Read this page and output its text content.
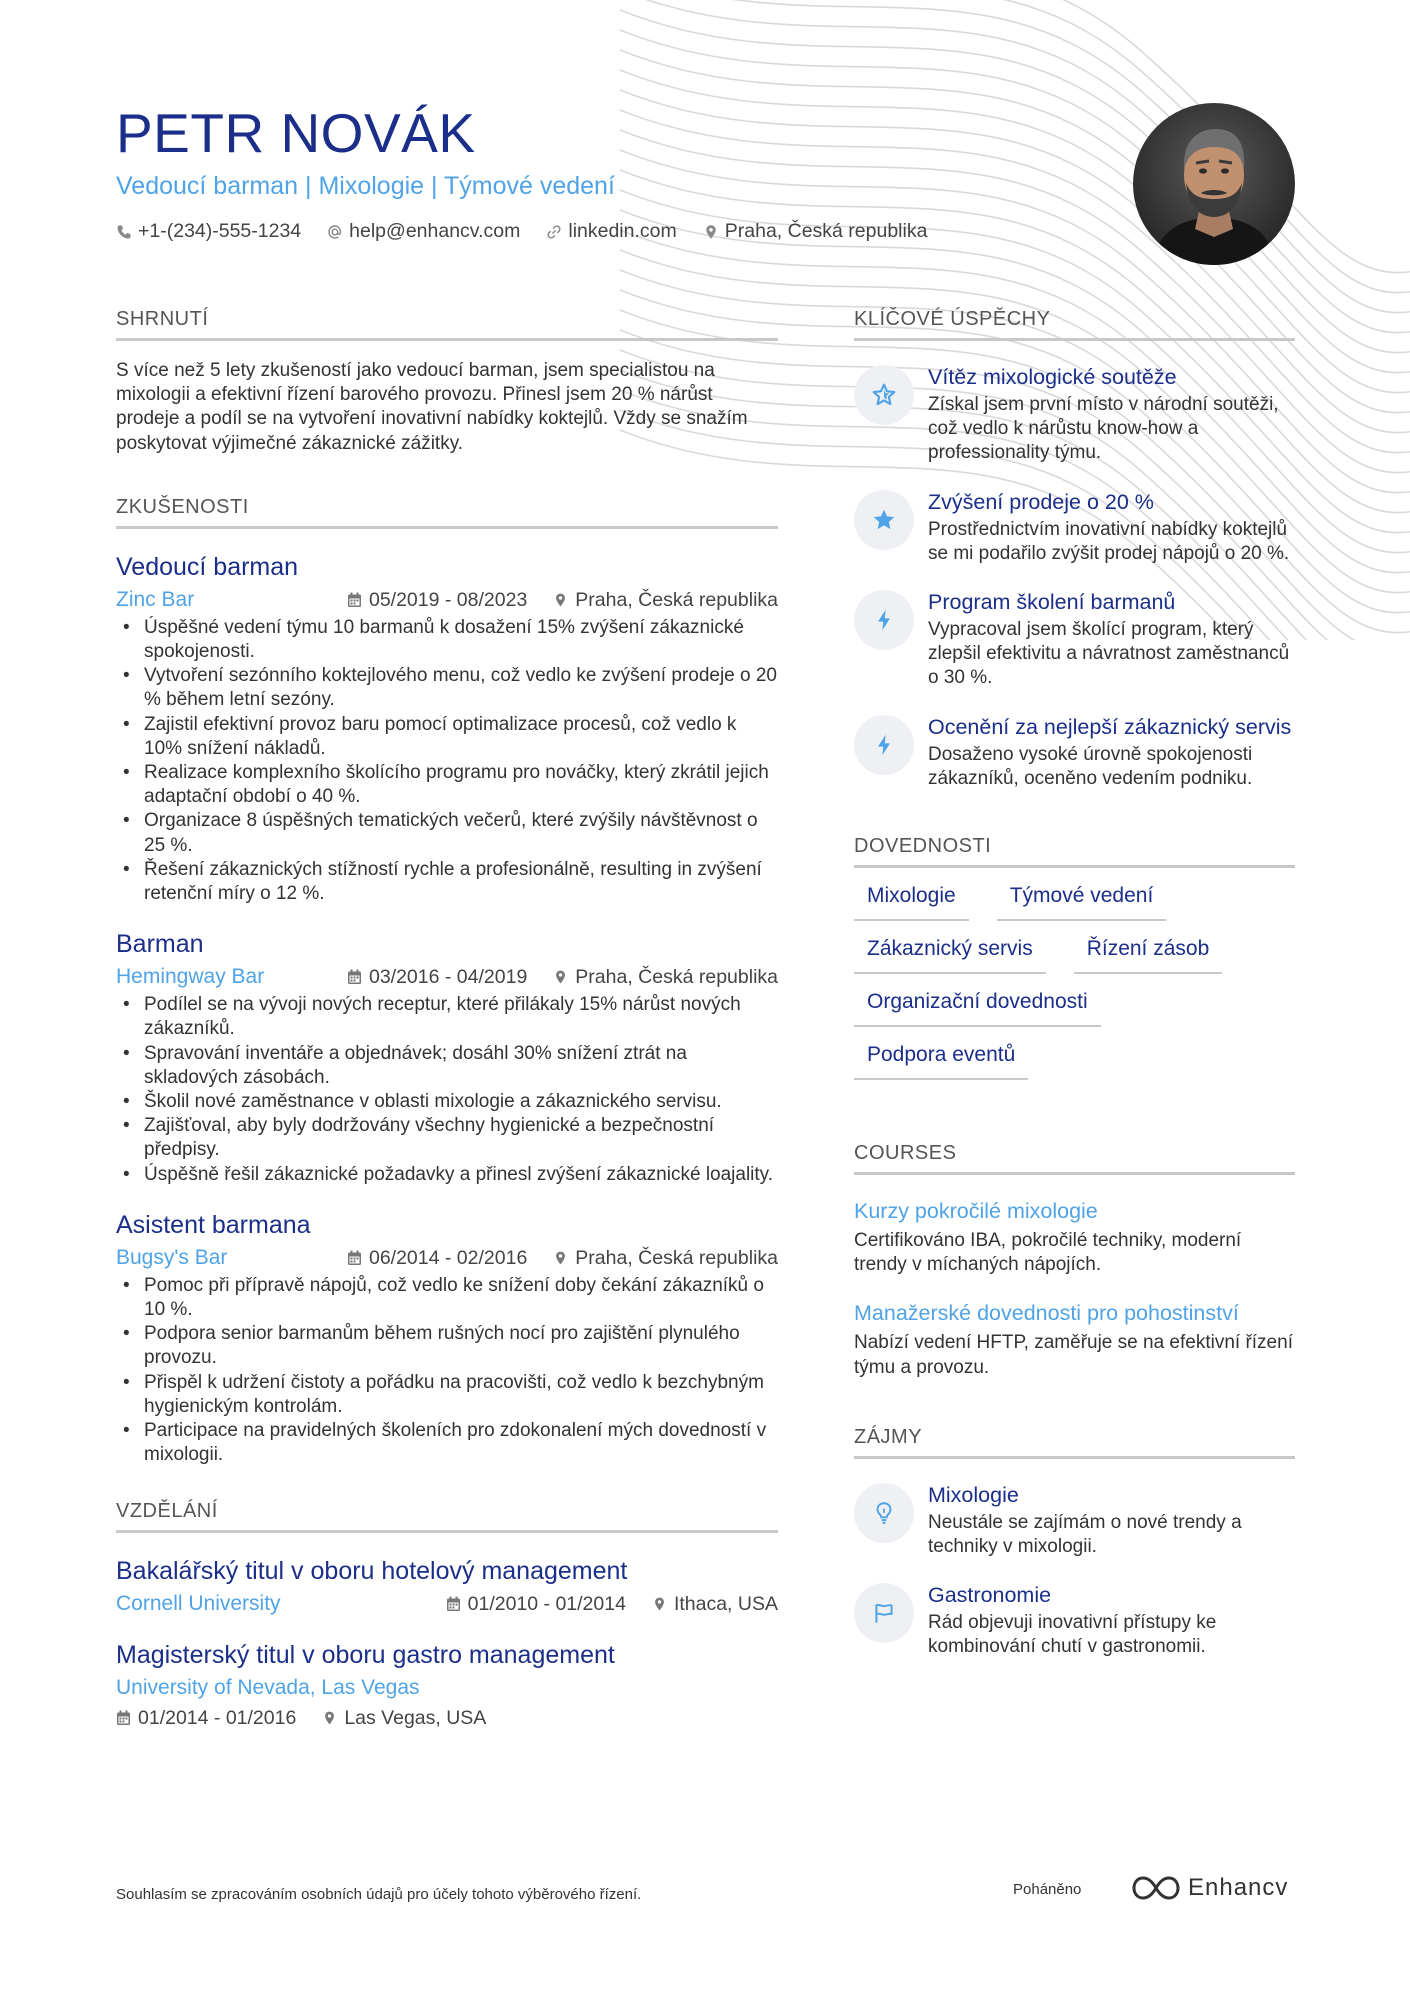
PETR NOVÁK
Vedoucí barman | Mixologie | Týmové vedení
+1-(234)-555-1234 help@enhancv.com linkedin.com Praha, Česká republika
SHRNUTÍ
S více než 5 lety zkušeností jako vedoucí barman, jsem specialistou na mixologii a efektivní řízení barového provozu. Přinesl jsem 20 % nárůst prodeje a podíl se na vytvoření inovativní nabídky koktejlů. Vždy se snažím poskytovat výjimečné zákaznické zážitky.
ZKUŠENOSTI
Vedoucí barman
Zinc Bar	05/2019 - 08/2023 Praha, Česká republika
• Úspěšné vedení týmu 10 barmanů k dosažení 15% zvýšení zákaznické spokojenosti.
• Vytvoření sezónního koktejlového menu, což vedlo ke zvýšení prodeje o 20 % během letní sezóny.
• Zajistil efektivní provoz baru pomocí optimalizace procesů, což vedlo k 10% snížení nákladů.
• Realizace komplexního školícího programu pro nováčky, který zkrátil jejich adaptační období o 40 %.
• Organizace 8 úspěšných tematických večerů, které zvýšily návštěvnost o 25 %.
• Řešení zákaznických stížností rychle a profesionálně, resulting in zvýšení retenční míry o 12 %.
Barman
Hemingway Bar	03/2016 - 04/2019 Praha, Česká republika
• Podílel se na vývoji nových receptur, které přilákaly 15% nárůst nových zákazníků.
• Spravování inventáře a objednávek; dosáhl 30% snížení ztrát na skladových zásobách.
• Školil nové zaměstnance v oblasti mixologie a zákaznického servisu.
• Zajišťoval, aby byly dodržovány všechny hygienické a bezpečnostní předpisy.
• Úspěšně řešil zákaznické požadavky a přinesl zvýšení zákaznické loajality.
Asistent barmana
Bugsy's Bar	06/2014 - 02/2016 Praha, Česká republika
• Pomoc při přípravě nápojů, což vedlo ke snížení doby čekání zákazníků o 10 %.
• Podpora senior barmanům během rušných nocí pro zajištění plynulého provozu.
• Přispěl k udržení čistoty a pořádku na pracovišti, což vedlo k bezchybným hygienickým kontrolám.
• Participace na pravidelných školeních pro zdokonalení mých dovedností v mixologii.
VZDĚLÁNÍ
Bakalářský titul v oboru hotelový management
Cornell University	01/2010 - 01/2014 Ithaca, USA
Magisterský titul v oboru gastro management
University of Nevada, Las Vegas
01/2014 - 01/2016 Las Vegas, USA
KLÍČOVÉ ÚSPĚCHY
Vítěz mixologické soutěže
Získal jsem první místo v národní soutěži, což vedlo k nárůstu know-how a professionality týmu.
Zvýšení prodeje o 20 %
Prostřednictvím inovativní nabídky koktejlů se mi podařilo zvýšit prodej nápojů o 20 %.
Program školení barmanů
Vypracoval jsem školící program, který zlepšil efektivitu a návratnost zaměstnanců o 30 %.
Ocenění za nejlepší zákaznický servis
Dosaženo vysoké úrovně spokojenosti zákazníků, oceněno vedením podniku.
DOVEDNOSTI
Mixologie	Týmové vedení
Zákaznický servis	Řízení zásob
Organizační dovednosti
Podpora eventů
COURSES
Kurzy pokročilé mixologie
Certifikováno IBA, pokročilé techniky, moderní trendy v míchaných nápojích.
Manažerské dovednosti pro pohostinství
Nabízí vedení HFTP, zaměřuje se na efektivní řízení týmu a provozu.
ZÁJMY
Mixologie
Neustále se zajímám o nové trendy a techniky v mixologii.
Gastronomie
Rád objevuji inovativní přístupy ke kombinování chutí v gastronomii.
Souhlasím se zpracováním osobních údajů pro účely tohoto výběrového řízení.	Poháněno	Enhancv
